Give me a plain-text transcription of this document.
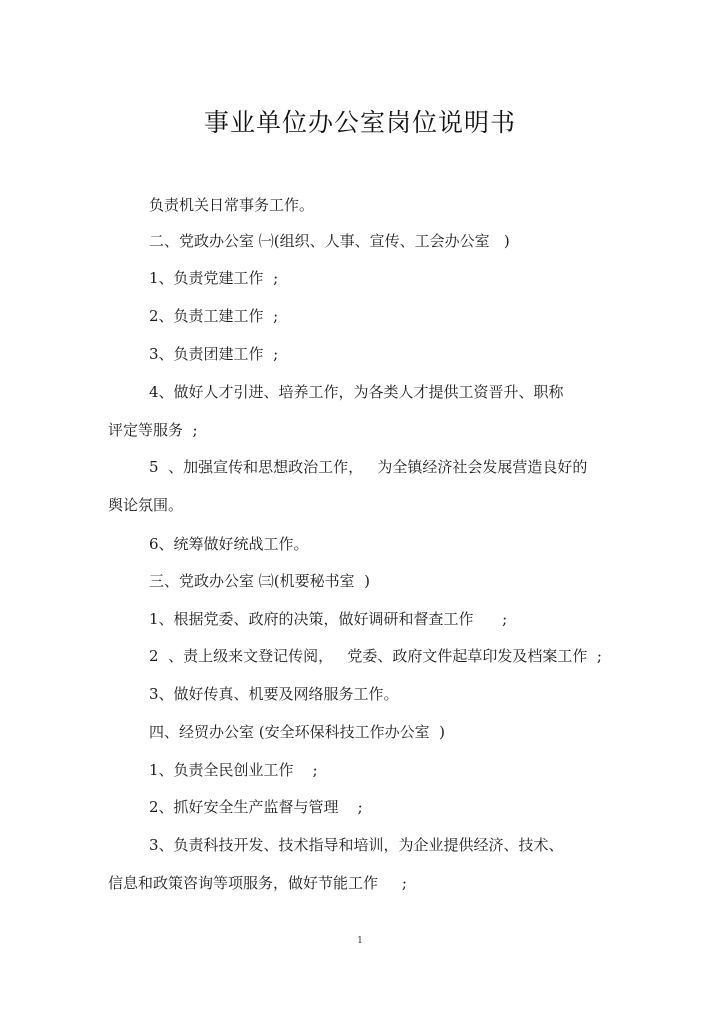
事业单位办公室岗位说明书
负责机关日常事务工作。
二、党政办公室 ㈠(组织、人事、宣传、工会办公室   )
1、负责党建工作  ;
2、负责工建工作  ;
3、负责团建工作  ;
4、做好人才引进、培养工作，为各类人才提供工资晋升、职称
评定等服务  ;
5  、加强宣传和思想政治工作，   为全镇经济社会发展营造良好的
舆论氛围。
6、统筹做好统战工作。
三、党政办公室 ㈢(机要秘书室  )
1、根据党委、政府的决策，做好调研和督查工作      ;
2  、责上级来文登记传阅，   党委、政府文件起草印发及档案工作  ;
3、做好传真、机要及网络服务工作。
四、经贸办公室 (安全环保科技工作办公室  )
1、负责全民创业工作    ;
2、抓好安全生产监督与管理    ;
3、负责科技开发、技术指导和培训，为企业提供经济、技术、
信息和政策咨询等项服务，做好节能工作     ;
1
